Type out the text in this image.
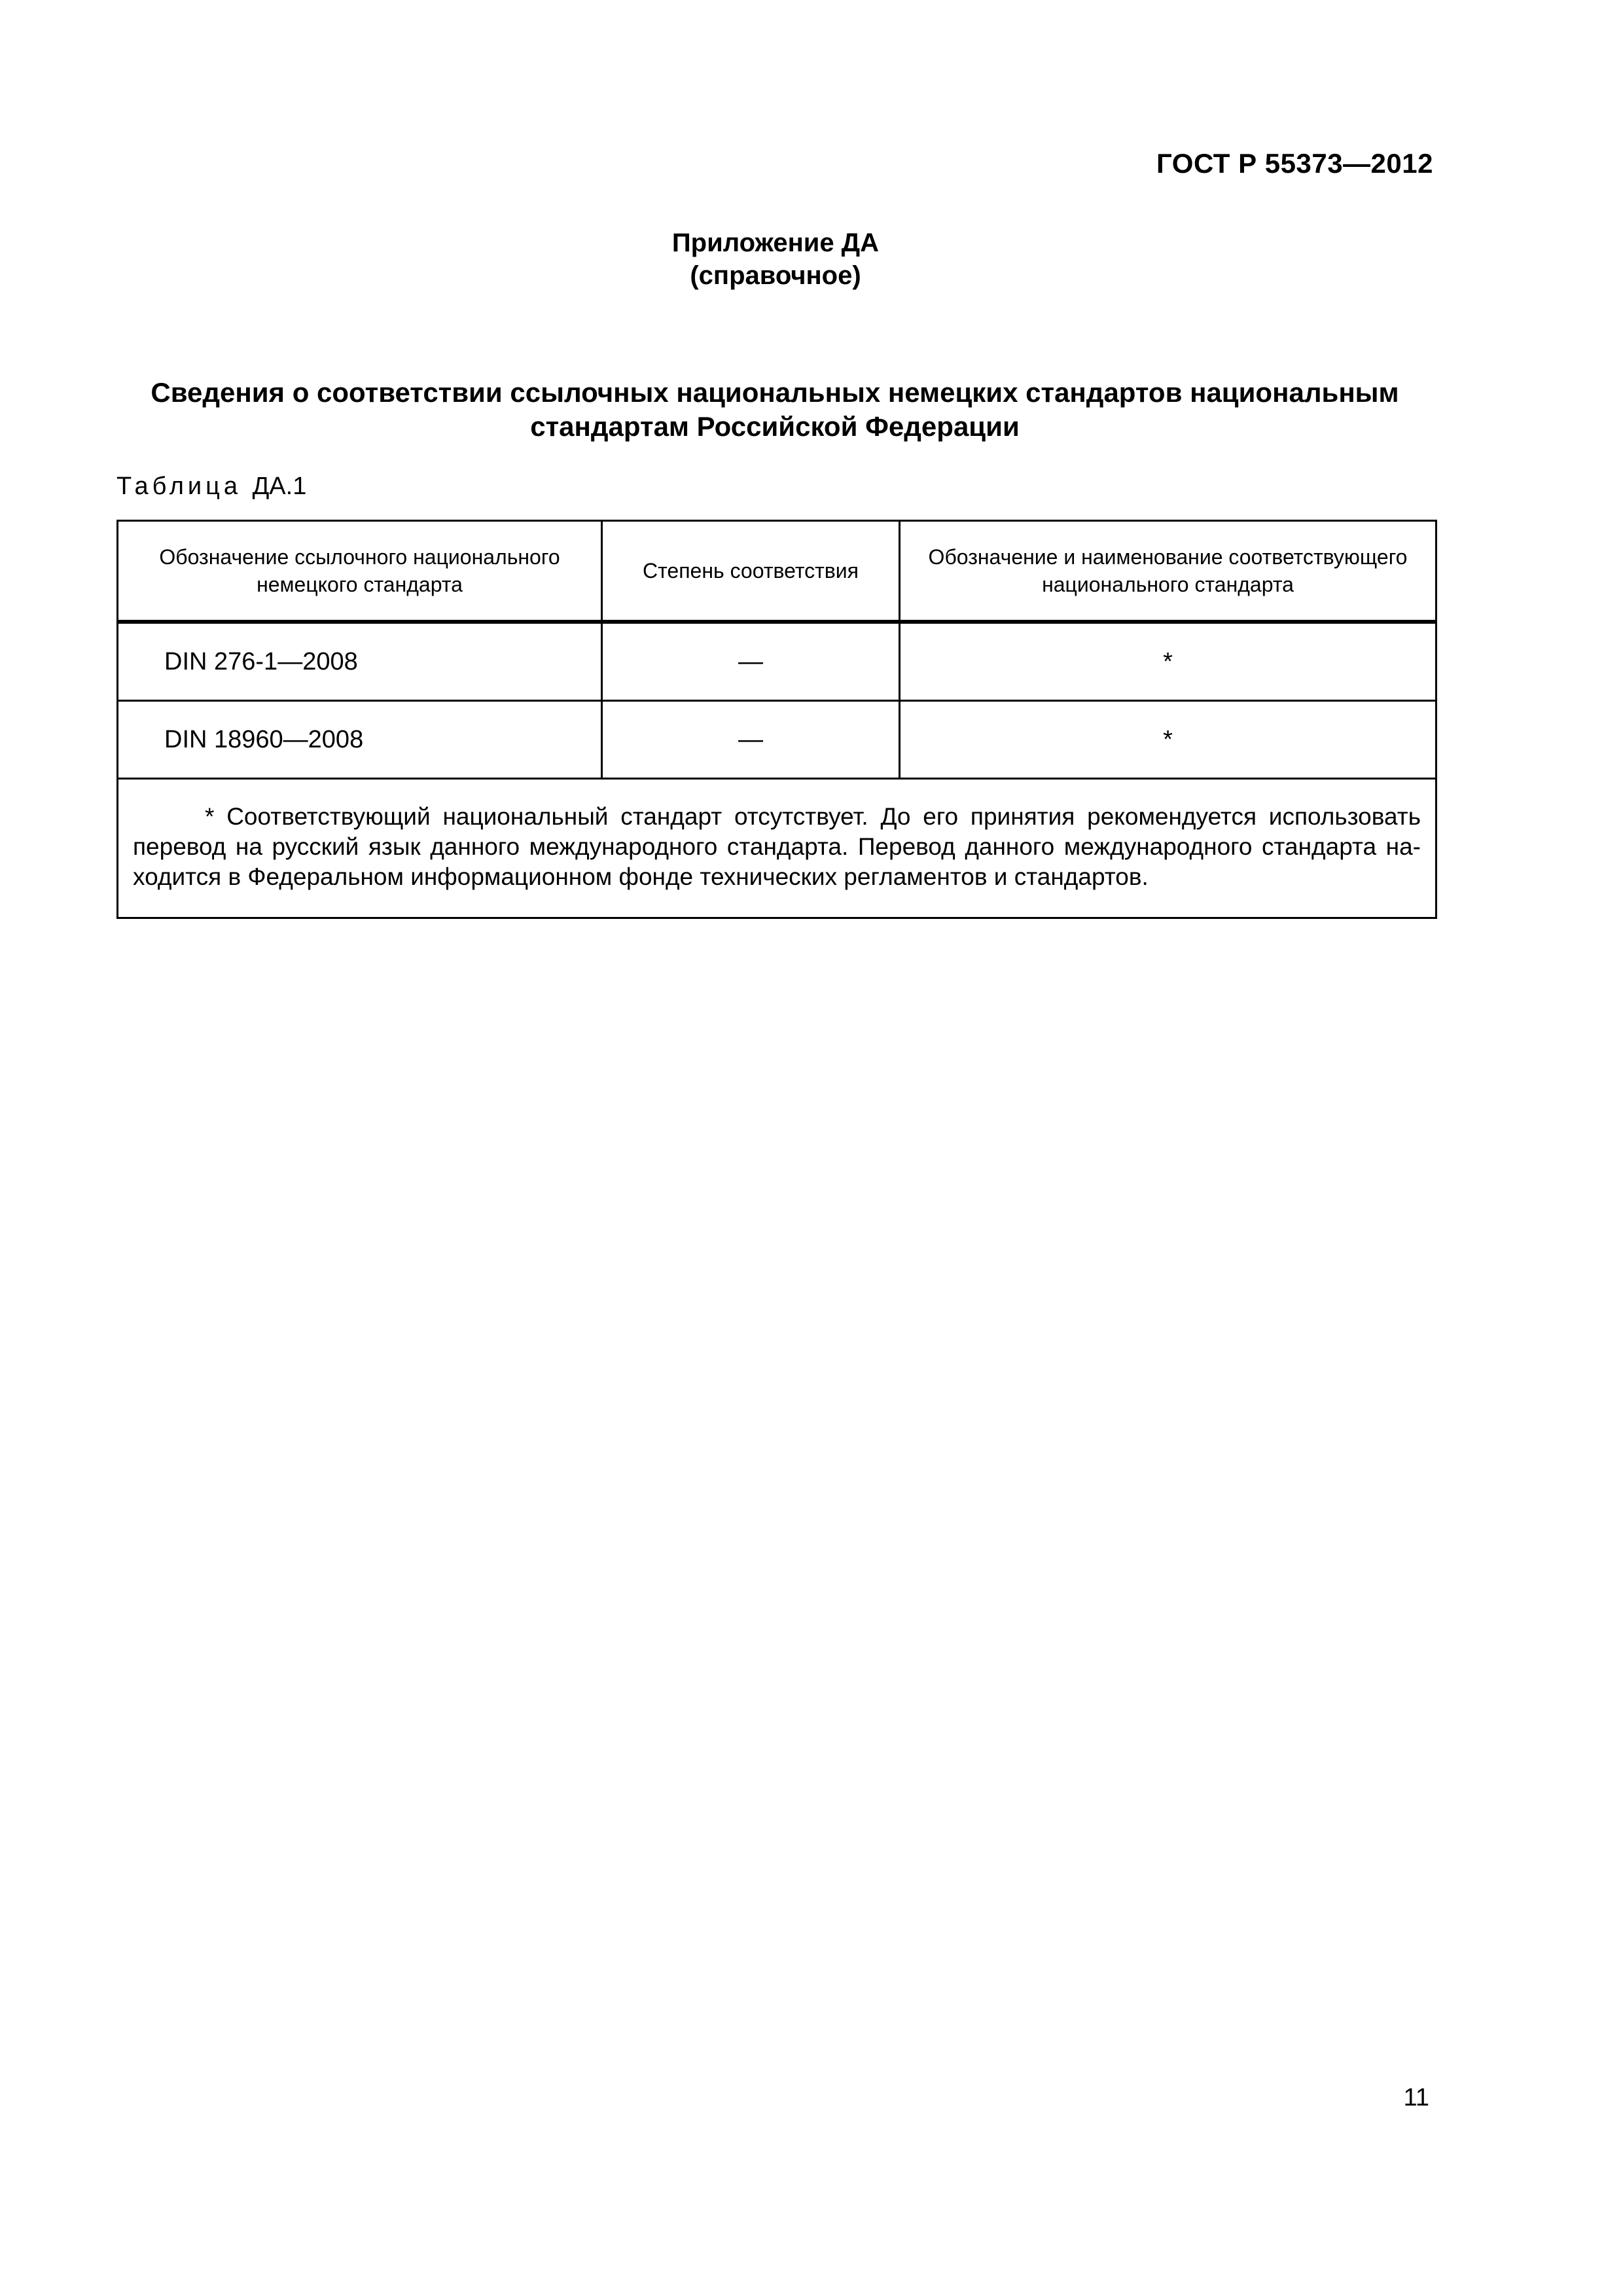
ГОСТ Р 55373—2012
Приложение ДА
(справочное)
Сведения о соответствии ссылочных национальных немецких стандартов национальным
стандартам Российской Федерации
Таблица ДА.1
Обозначение ссылочного национального немецкого стандарта	Степень соответствия	Обозначение и наименование соответствующего национального стандарта
DIN 276-1—2008	—	*
DIN 18960—2008	—	*
* Соответствующий национальный стандарт отсутствует. До его принятия рекомендуется использовать перевод на русский язык данного международного стандарта. Перевод данного международного стандарта находится в Федеральном информационном фонде технических регламентов и стандартов.		
11
